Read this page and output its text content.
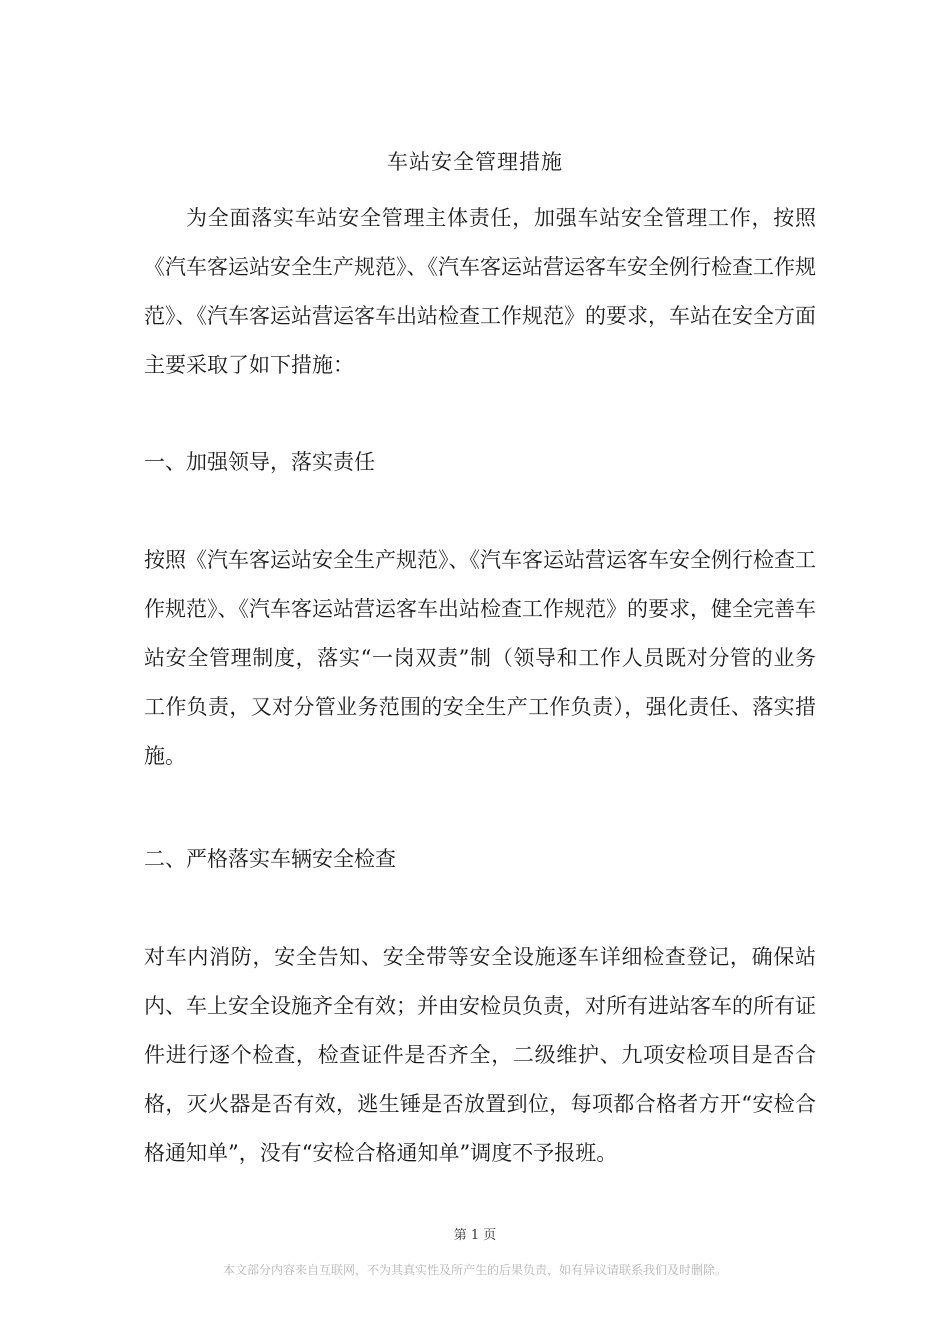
车站安全管理措施

为全面落实车站安全管理主体责任，加强车站安全管理工作，按照《汽车客运站安全生产规范》、《汽车客运站营运客车安全例行检查工作规范》、《汽车客运站营运客车出站检查工作规范》的要求，车站在安全方面主要采取了如下措施：

一、加强领导，落实责任

按照《汽车客运站安全生产规范》、《汽车客运站营运客车安全例行检查工作规范》、《汽车客运站营运客车出站检查工作规范》的要求，健全完善车站安全管理制度，落实“一岗双责”制（领导和工作人员既对分管的业务工作负责，又对分管业务范围的安全生产工作负责），强化责任、落实措施。

二、严格落实车辆安全检查

对车内消防，安全告知、安全带等安全设施逐车详细检查登记，确保站内、车上安全设施齐全有效；并由安检员负责，对所有进站客车的所有证件进行逐个检查，检查证件是否齐全，二级维护、九项安检项目是否合格，灭火器是否有效，逃生锤是否放置到位，每项都合格者方开“安检合格通知单”，没有“安检合格通知单”调度不予报班。

第 1 页
本文部分内容来自互联网，不为其真实性及所产生的后果负责，如有异议请联系我们及时删除。
